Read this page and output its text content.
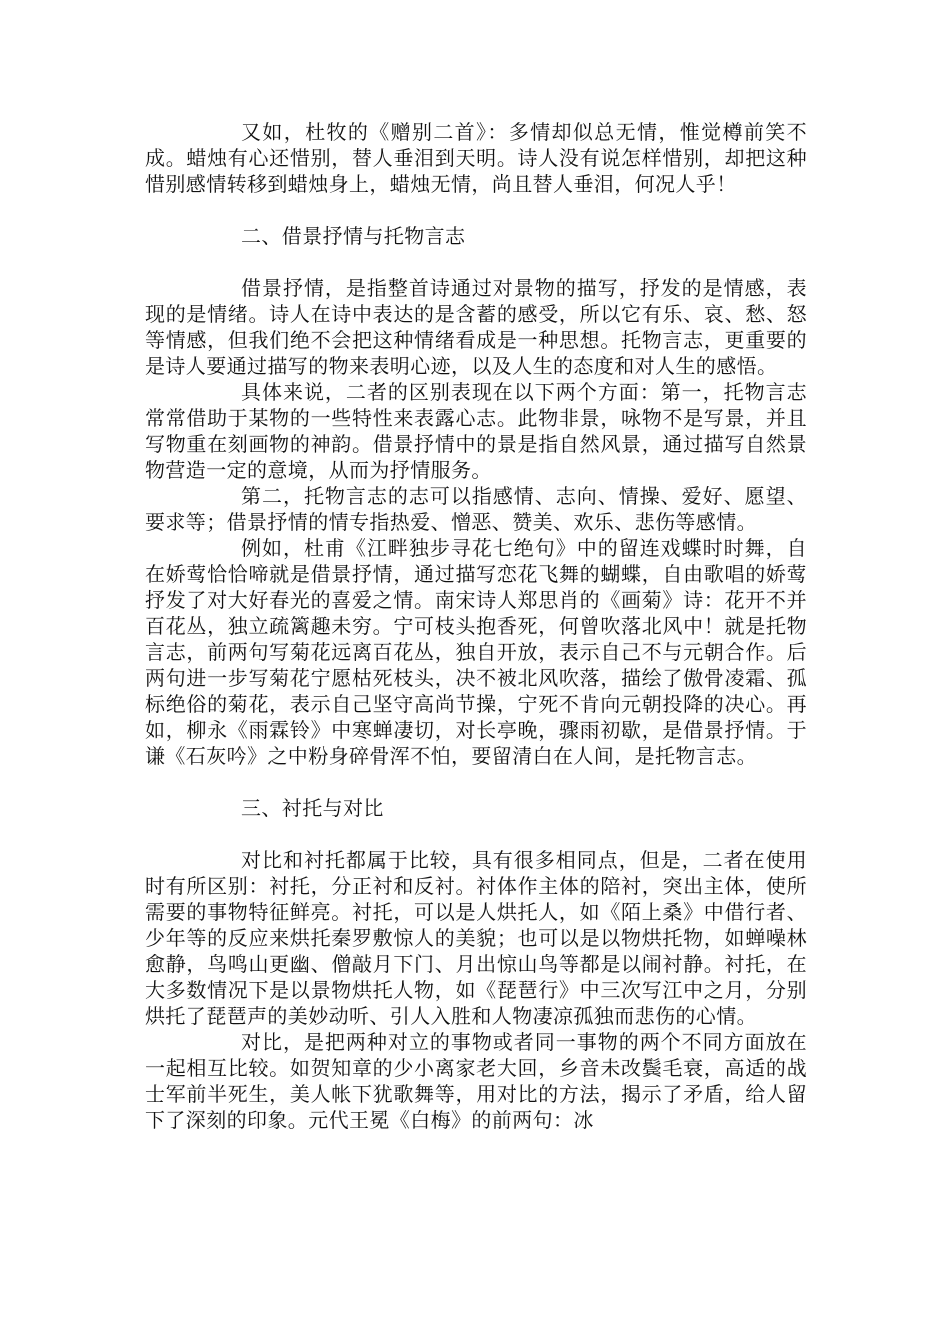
又如，杜牧的《赠别二首》：多情却似总无情，惟觉樽前笑不成。蜡烛有心还惜别，替人垂泪到天明。诗人没有说怎样惜别，却把这种惜别感情转移到蜡烛身上，蜡烛无情，尚且替人垂泪，何况人乎！

二、借景抒情与托物言志

借景抒情，是指整首诗通过对景物的描写，抒发的是情感，表现的是情绪。诗人在诗中表达的是含蓄的感受，所以它有乐、哀、愁、怒等情感，但我们绝不会把这种情绪看成是一种思想。托物言志，更重要的是诗人要通过描写的物来表明心迹，以及人生的态度和对人生的感悟。

具体来说，二者的区别表现在以下两个方面：第一，托物言志常常借助于某物的一些特性来表露心志。此物非景，咏物不是写景，并且写物重在刻画物的神韵。借景抒情中的景是指自然风景，通过描写自然景物营造一定的意境，从而为抒情服务。

第二，托物言志的志可以指感情、志向、情操、爱好、愿望、要求等；借景抒情的情专指热爱、憎恶、赞美、欢乐、悲伤等感情。

例如，杜甫《江畔独步寻花七绝句》中的留连戏蝶时时舞，自在娇莺恰恰啼就是借景抒情，通过描写恋花飞舞的蝴蝶，自由歌唱的娇莺抒发了对大好春光的喜爱之情。南宋诗人郑思肖的《画菊》诗：花开不并百花丛，独立疏篱趣未穷。宁可枝头抱香死，何曾吹落北风中！就是托物言志，前两句写菊花远离百花丛，独自开放，表示自己不与元朝合作。后两句进一步写菊花宁愿枯死枝头，决不被北风吹落，描绘了傲骨凌霜、孤标绝俗的菊花，表示自己坚守高尚节操，宁死不肯向元朝投降的决心。再如，柳永《雨霖铃》中寒蝉凄切，对长亭晚，骤雨初歇，是借景抒情。于谦《石灰吟》之中粉身碎骨浑不怕，要留清白在人间，是托物言志。

三、衬托与对比

对比和衬托都属于比较，具有很多相同点，但是，二者在使用时有所区别：衬托，分正衬和反衬。衬体作主体的陪衬，突出主体，使所需要的事物特征鲜亮。衬托，可以是人烘托人，如《陌上桑》中借行者、少年等的反应来烘托秦罗敷惊人的美貌；也可以是以物烘托物，如蝉噪林愈静，鸟鸣山更幽、僧敲月下门、月出惊山鸟等都是以闹衬静。衬托，在大多数情况下是以景物烘托人物，如《琵琶行》中三次写江中之月，分别烘托了琵琶声的美妙动听、引人入胜和人物凄凉孤独而悲伤的心情。

对比，是把两种对立的事物或者同一事物的两个不同方面放在一起相互比较。如贺知章的少小离家老大回，乡音未改鬓毛衰，高适的战士军前半死生，美人帐下犹歌舞等，用对比的方法，揭示了矛盾，给人留下了深刻的印象。元代王冕《白梅》的前两句：冰
